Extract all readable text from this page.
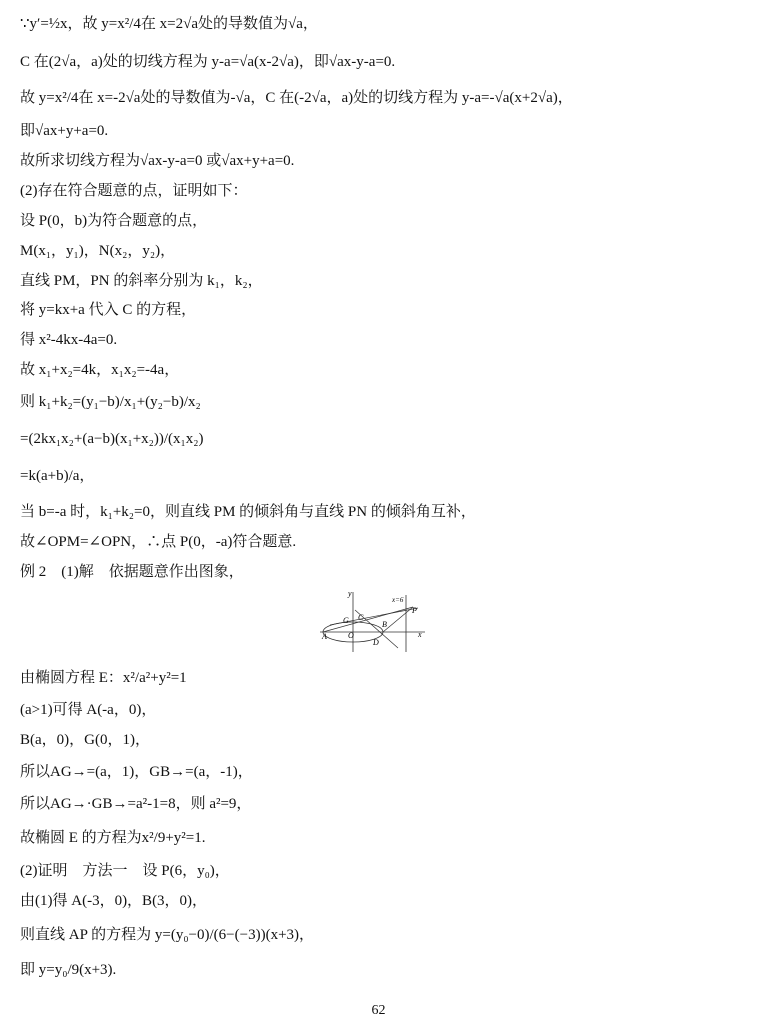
∵y′=½x，故 y=x²/4在 x=2√a处的导数值为√a，
C 在(2√a，a)处的切线方程为 y-a=√a(x-2√a)，即√ax-y-a=0.
故 y=x²/4在 x=-2√a处的导数值为-√a，C 在(-2√a，a)处的切线方程为 y-a=-√a(x+2√a)，
即√ax+y+a=0.
故所求切线方程为√ax-y-a=0 或√ax+y+a=0.
(2)存在符合题意的点，证明如下：
设 P(0，b)为符合题意的点，
M(x₁，y₁)，N(x₂，y₂)，
直线 PM，PN 的斜率分别为 k₁，k₂，
将 y=kx+a 代入 C 的方程，
得 x²-4kx-4a=0.
故 x₁+x₂=4k，x₁x₂=-4a，
则 k₁+k₂=(y₁−b)/x₁+(y₂−b)/x₂
=(2kx₁x₂+(a−b)(x₁+x₂))/(x₁x₂)
=k(a+b)/a，
当 b=-a 时，k₁+k₂=0，则直线 PM 的倾斜角与直线 PN 的倾斜角互补，
故∠OPM=∠OPN，∴点 P(0，-a)符合题意.
例 2　(1)解　依据题意作出图象，
y
x
x=6
P
G C
B
A	O
D
由椭圆方程 E：x²/a²+y²=1
(a>1)可得 A(-a，0)，
B(a，0)，G(0，1)，
所以AG→=(a，1)，GB→=(a，-1)，
所以AG→·GB→=a²-1=8，则 a²=9，
故椭圆 E 的方程为x²/9+y²=1.
(2)证明　方法一　设 P(6，y₀)，
由(1)得 A(-3，0)，B(3，0)，
则直线 AP 的方程为 y=(y₀−0)/(6−(−3))(x+3)，
即 y=y₀/9(x+3).
62
